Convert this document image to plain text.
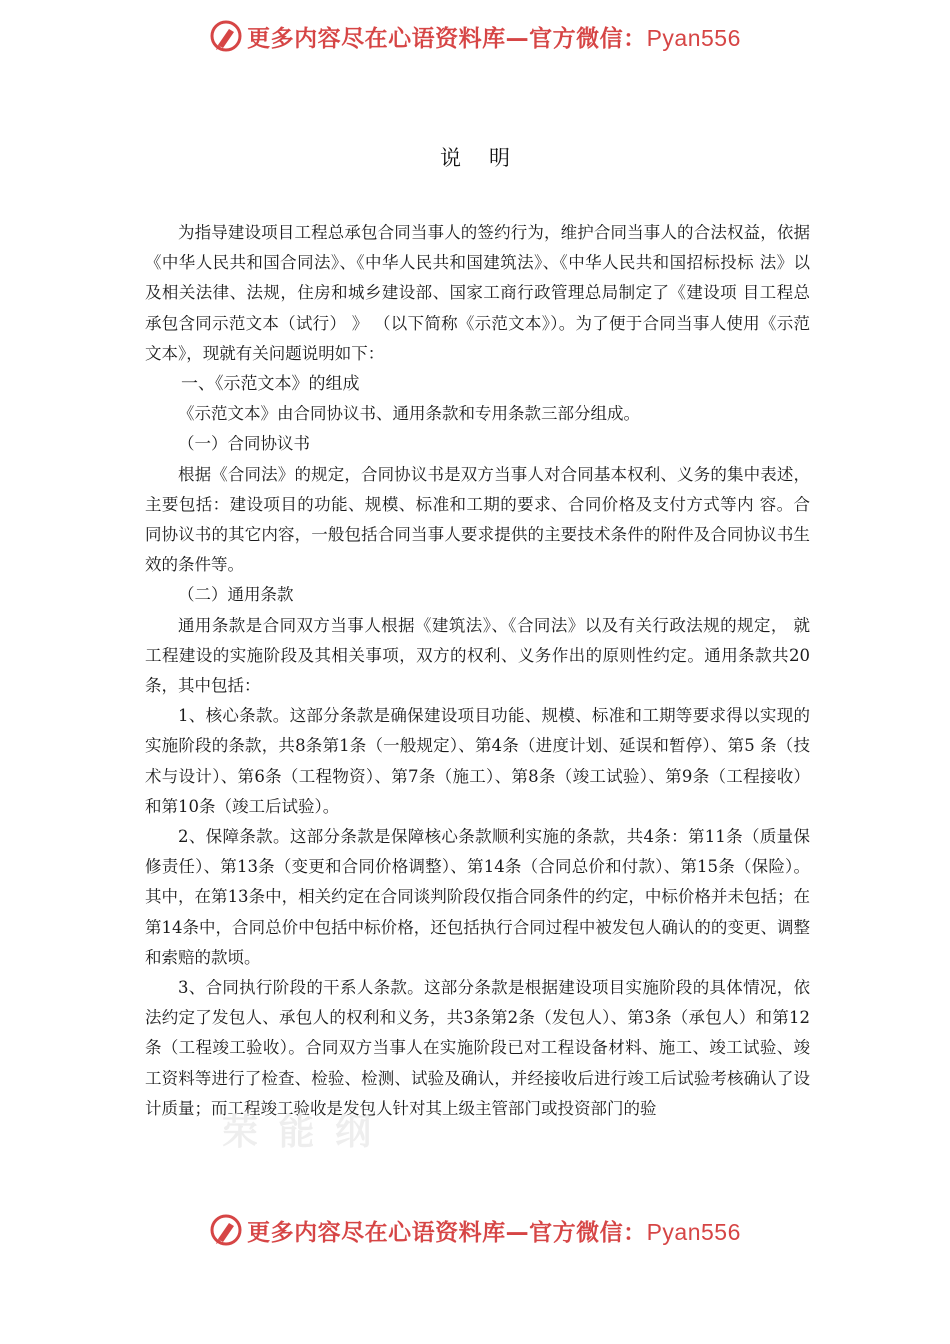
更多内容尽在心语资料库—官方微信：Pyan556
说明

为指导建设项目工程总承包合同当事人的签约行为，维护合同当事人的合法权益，依据《中华人民共和国合同法》、《中华人民共和国建筑法》、《中华人民共和国招标投标 法》以及相关法律、法规，住房和城乡建设部、国家工商行政管理总局制定了《建设项 目工程总承包含同示范文本（试行） 》 （以下简称《示范文本》）。为了便于合同当事人使用《示范文本》，现就有关问题说明如下：

一、《示范文本》的组成

《示范文本》由合同协议书、通用条款和专用条款三部分组成。

（一）合同协议书

根据《合同法》的规定，合同协议书是双方当事人对合同基本权利、义务的集中表述，主要包括：建设项目的功能、规模、标准和工期的要求、合同价格及支付方式等内 容。合同协议书的其它内容，一般包括合同当事人要求提供的主要技术条件的附件及合同协议书生效的条件等。

（二）通用条款

通用条款是合同双方当事人根据《建筑法》、《合同法》以及有关行政法规的规定， 就工程建设的实施阶段及其相关事项，双方的权利、义务作出的原则性约定。通用条款共20条，其中包括：

1、核心条款。这部分条款是确保建设项目功能、规模、标准和工期等要求得以实现的实施阶段的条款，共8条第1条（一般规定）、第4条（进度计划、延误和暂停）、第5 条（技术与设计）、第6条（工程物资）、第7条（施工）、第8条（竣工试验）、第9条（工程接收）和第10条（竣工后试验）。

2、保障条款。这部分条款是保障核心条款顺利实施的条款，共4条：第11条（质量保修责任）、第13条（变更和合同价格调整）、第14条（合同总价和付款）、第15条（保险）。其中，在第13条中，相关约定在合同谈判阶段仅指合同条件的约定，中标价格并未包括；在第14条中，合同总价中包括中标价格，还包括执行合同过程中被发包人确认的的变更、调整和索赔的款顷。

3、合同执行阶段的干系人条款。这部分条款是根据建设项目实施阶段的具体情况，依法约定了发包人、承包人的权利和义务，共3条第2条（发包人）、第3条（承包人）和第12条（工程竣工验收）。合同双方当事人在实施阶段已对工程设备材料、施工、竣工试验、竣工资料等进行了检查、检验、检测、试验及确认，并经接收后进行竣工后试验考核确认了设计质量；而工程竣工验收是发包人针对其上级主管部门或投资部门的验

荣 能 纲
更多内容尽在心语资料库—官方微信：Pyan556
